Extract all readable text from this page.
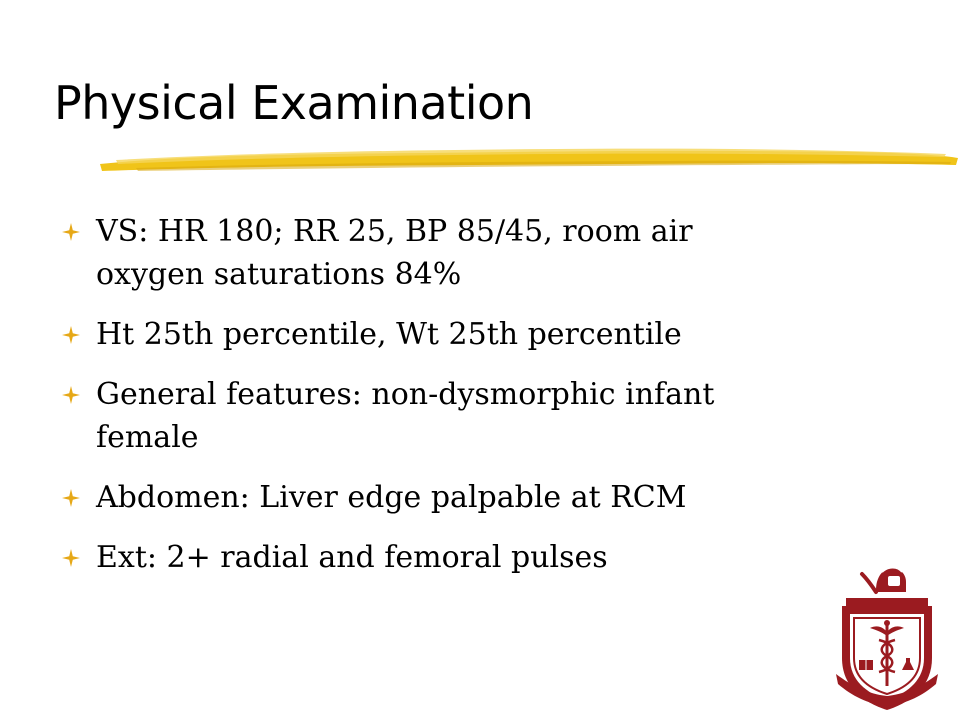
Physical Examination
VS: HR 180; RR 25, BP 85/45, room air oxygen saturations 84%
Ht 25th percentile, Wt 25th percentile
General features: non-dysmorphic infant female
Abdomen: Liver edge palpable at RCM
Ext: 2+ radial and femoral pulses
